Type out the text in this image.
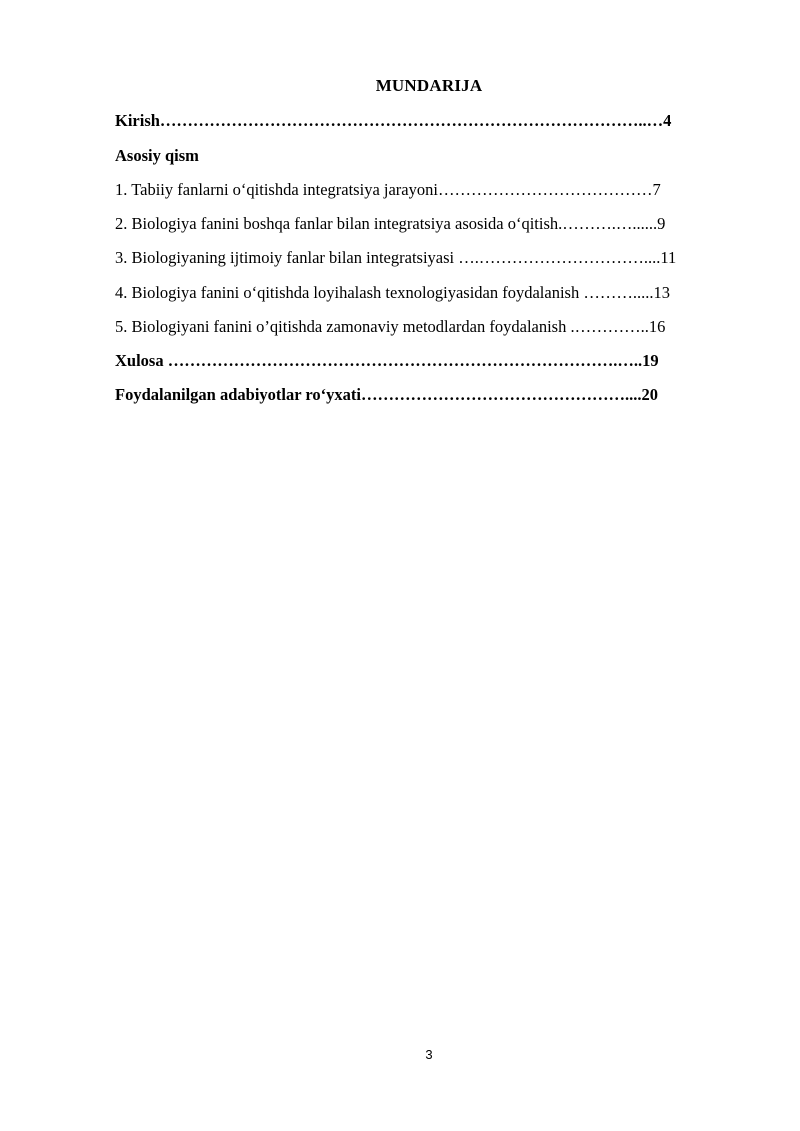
MUNDARIJA
Kirish……………………………………………………………………………..…4
Asosiy qism
1. Tabiiy fanlarni o‘qitishda integratsiya jarayoni…………………………………7
2. Biologiya fanini boshqa fanlar bilan integratsiya asosida o‘qitish.……….…......9
3. Biologiyaning ijtimoiy fanlar bilan integratsiyasi ….…………………………....11
4. Biologiya fanini o‘qitishda loyihalash texnologiyasidan foydalanish ……….....13
5. Biologiyani fanini o’qitishda zamonaviy metodlardan foydalanish .…………..16
Xulosa ……………………………………………………………………….…..19
Foydalanilgan adabiyotlar ro‘yxati…………………………………………....20
3
